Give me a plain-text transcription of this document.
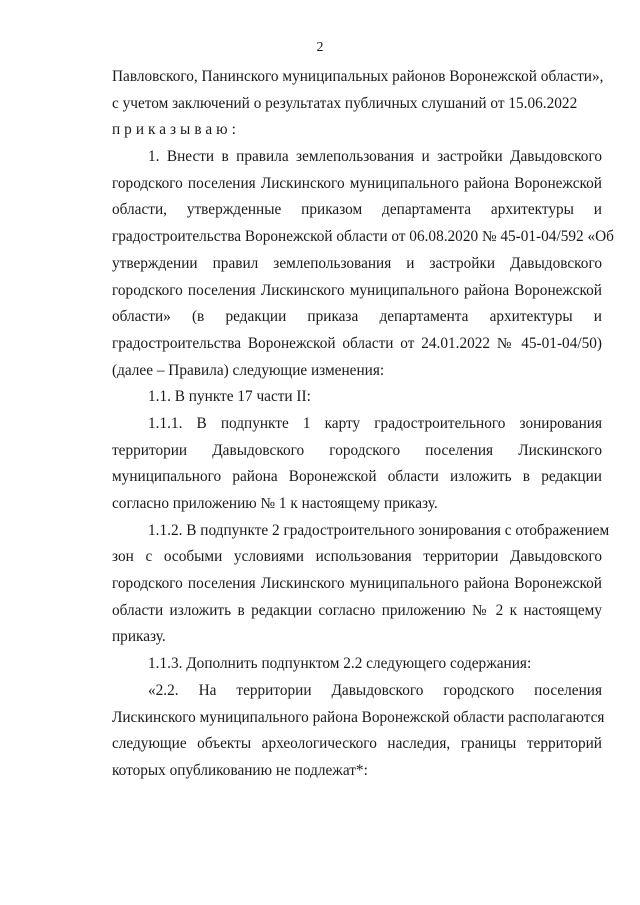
2
Павловского, Панинского муниципальных районов Воронежской области»,
с учетом заключений о результатах публичных слушаний от 15.06.2022
приказываю:
1. Внести в правила землепользования и застройки Давыдовского
городского поселения Лискинского муниципального района Воронежской
области, утвержденные приказом департамента архитектуры и
градостроительства Воронежской области от 06.08.2020 № 45-01-04/592 «Об
утверждении правил землепользования и застройки Давыдовского
городского поселения Лискинского муниципального района Воронежской
области» (в редакции приказа департамента архитектуры и
градостроительства Воронежской области от 24.01.2022 № 45-01-04/50)
(далее – Правила) следующие изменения:
1.1. В пункте 17 части II:
1.1.1. В подпункте 1 карту градостроительного зонирования
территории Давыдовского городского поселения Лискинского
муниципального района Воронежской области изложить в редакции
согласно приложению № 1 к настоящему приказу.
1.1.2. В подпункте 2 градостроительного зонирования с отображением
зон с особыми условиями использования территории Давыдовского
городского поселения Лискинского муниципального района Воронежской
области изложить в редакции согласно приложению № 2 к настоящему
приказу.
1.1.3. Дополнить подпунктом 2.2 следующего содержания:
«2.2. На территории Давыдовского городского поселения
Лискинского муниципального района Воронежской области располагаются
следующие объекты археологического наследия, границы территорий
которых опубликованию не подлежат*:
